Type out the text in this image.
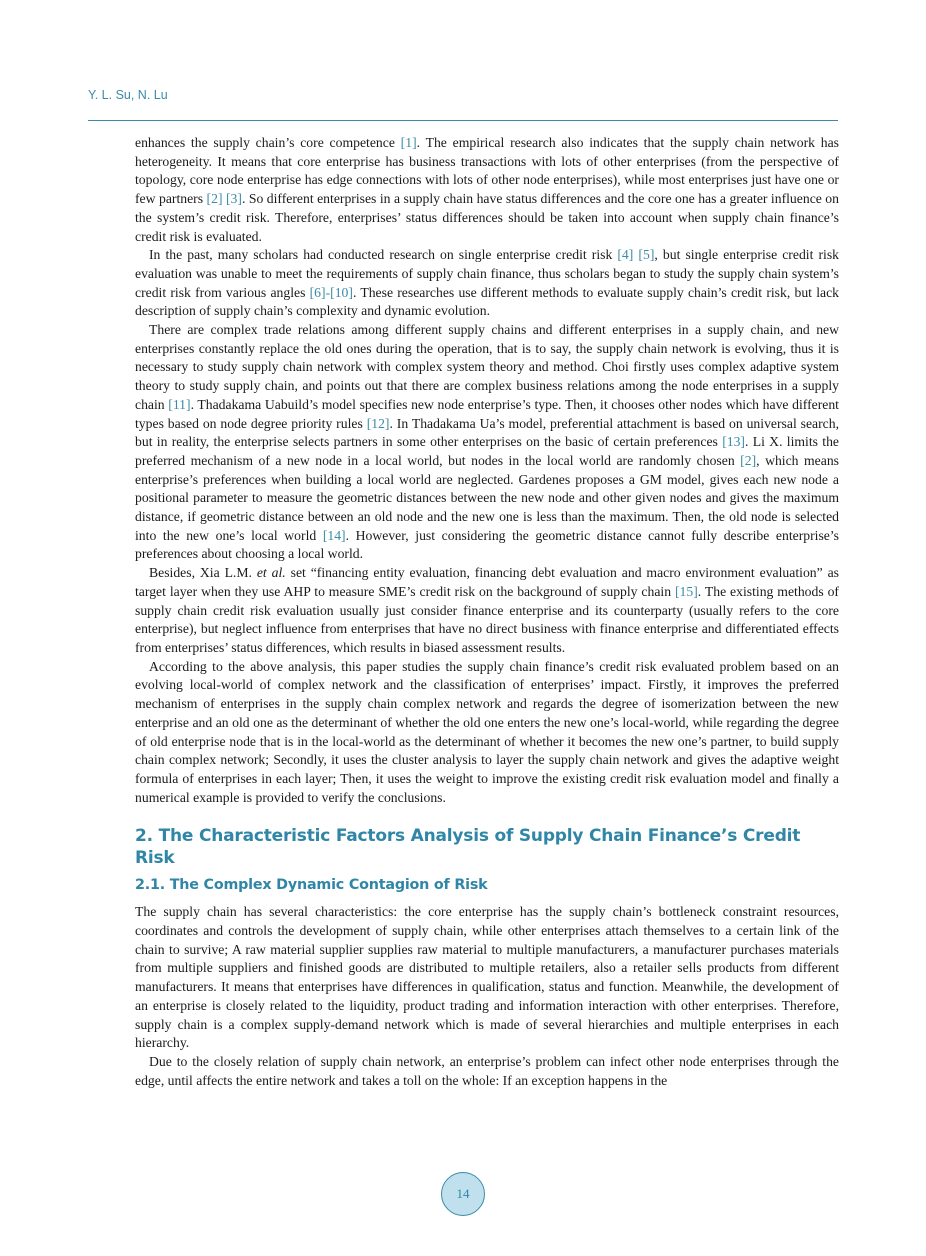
Y. L. Su, N. Lu

enhances the supply chain’s core competence [1]. The empirical research also indicates that the supply chain network has heterogeneity. It means that core enterprise has business transactions with lots of other enterprises (from the perspective of topology, core node enterprise has edge connections with lots of other node enterprises), while most enterprises just have one or few partners [2] [3]. So different enterprises in a supply chain have status differences and the core one has a greater influence on the system’s credit risk. Therefore, enterprises’ status differences should be taken into account when supply chain finance’s credit risk is evaluated.

In the past, many scholars had conducted research on single enterprise credit risk [4] [5], but single enterprise credit risk evaluation was unable to meet the requirements of supply chain finance, thus scholars began to study the supply chain system’s credit risk from various angles [6]-[10]. These researches use different methods to evaluate supply chain’s credit risk, but lack description of supply chain’s complexity and dynamic evolution.

There are complex trade relations among different supply chains and different enterprises in a supply chain, and new enterprises constantly replace the old ones during the operation, that is to say, the supply chain network is evolving, thus it is necessary to study supply chain network with complex system theory and method. Choi firstly uses complex adaptive system theory to study supply chain, and points out that there are complex business relations among the node enterprises in a supply chain [11]. Thadakama Uabuild’s model specifies new node enterprise’s type. Then, it chooses other nodes which have different types based on node degree priority rules [12]. In Thadakama Ua’s model, preferential attachment is based on universal search, but in reality, the enterprise selects partners in some other enterprises on the basic of certain preferences [13]. Li X. limits the preferred mechanism of a new node in a local world, but nodes in the local world are randomly chosen [2], which means enterprise’s preferences when building a local world are neglected. Gardenes proposes a GM model, gives each new node a positional parameter to measure the geometric distances between the new node and other given nodes and gives the maximum distance, if geometric distance between an old node and the new one is less than the maximum. Then, the old node is selected into the new one’s local world [14]. However, just considering the geometric distance cannot fully describe enterprise’s preferences about choosing a local world.

Besides, Xia L.M. et al. set “financing entity evaluation, financing debt evaluation and macro environment evaluation” as target layer when they use AHP to measure SME’s credit risk on the background of supply chain [15]. The existing methods of supply chain credit risk evaluation usually just consider finance enterprise and its counterparty (usually refers to the core enterprise), but neglect influence from enterprises that have no direct business with finance enterprise and differentiated effects from enterprises’ status differences, which results in biased assessment results.

According to the above analysis, this paper studies the supply chain finance’s credit risk evaluated problem based on an evolving local-world of complex network and the classification of enterprises’ impact. Firstly, it improves the preferred mechanism of enterprises in the supply chain complex network and regards the degree of isomerization between the new enterprise and an old one as the determinant of whether the old one enters the new one’s local-world, while regarding the degree of old enterprise node that is in the local-world as the determinant of whether it becomes the new one’s partner, to build supply chain complex network; Secondly, it uses the cluster analysis to layer the supply chain network and gives the adaptive weight formula of enterprises in each layer; Then, it uses the weight to improve the existing credit risk evaluation model and finally a numerical example is provided to verify the conclusions.

2. The Characteristic Factors Analysis of Supply Chain Finance’s Credit Risk
2.1. The Complex Dynamic Contagion of Risk

The supply chain has several characteristics: the core enterprise has the supply chain’s bottleneck constraint resources, coordinates and controls the development of supply chain, while other enterprises attach themselves to a certain link of the chain to survive; A raw material supplier supplies raw material to multiple manufacturers, a manufacturer purchases materials from multiple suppliers and finished goods are distributed to multiple retailers, also a retailer sells products from different manufacturers. It means that enterprises have differences in qualification, status and function. Meanwhile, the development of an enterprise is closely related to the liquidity, product trading and information interaction with other enterprises. Therefore, supply chain is a complex supply-demand network which is made of several hierarchies and multiple enterprises in each hierarchy.

Due to the closely relation of supply chain network, an enterprise’s problem can infect other node enterprises through the edge, until affects the entire network and takes a toll on the whole: If an exception happens in the

14
